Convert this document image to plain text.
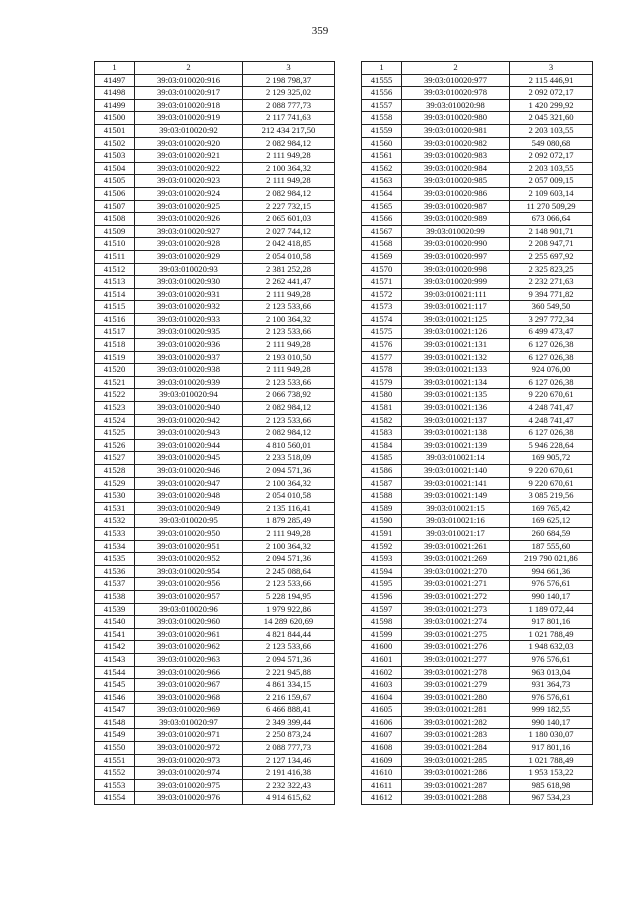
359
1	2	3
41497	39:03:010020:916	2 198 798,37
41498	39:03:010020:917	2 129 325,02
41499	39:03:010020:918	2 088 777,73
41500	39:03:010020:919	2 117 741,63
41501	39:03:010020:92	212 434 217,50
41502	39:03:010020:920	2 082 984,12
41503	39:03:010020:921	2 111 949,28
41504	39:03:010020:922	2 100 364,32
41505	39:03:010020:923	2 111 949,28
41506	39:03:010020:924	2 082 984,12
41507	39:03:010020:925	2 227 732,15
41508	39:03:010020:926	2 065 601,03
41509	39:03:010020:927	2 027 744,12
41510	39:03:010020:928	2 042 418,85
41511	39:03:010020:929	2 054 010,58
41512	39:03:010020:93	2 381 252,28
41513	39:03:010020:930	2 262 441,47
41514	39:03:010020:931	2 111 949,28
41515	39:03:010020:932	2 123 533,66
41516	39:03:010020:933	2 100 364,32
41517	39:03:010020:935	2 123 533,66
41518	39:03:010020:936	2 111 949,28
41519	39:03:010020:937	2 193 010,50
41520	39:03:010020:938	2 111 949,28
41521	39:03:010020:939	2 123 533,66
41522	39:03:010020:94	2 066 738,92
41523	39:03:010020:940	2 082 984,12
41524	39:03:010020:942	2 123 533,66
41525	39:03:010020:943	2 082 984,12
41526	39:03:010020:944	4 810 560,01
41527	39:03:010020:945	2 233 518,09
41528	39:03:010020:946	2 094 571,36
41529	39:03:010020:947	2 100 364,32
41530	39:03:010020:948	2 054 010,58
41531	39:03:010020:949	2 135 116,41
41532	39:03:010020:95	1 879 285,49
41533	39:03:010020:950	2 111 949,28
41534	39:03:010020:951	2 100 364,32
41535	39:03:010020:952	2 094 571,36
41536	39:03:010020:954	2 245 088,64
41537	39:03:010020:956	2 123 533,66
41538	39:03:010020:957	5 228 194,95
41539	39:03:010020:96	1 979 922,86
41540	39:03:010020:960	14 289 620,69
41541	39:03:010020:961	4 821 844,44
41542	39:03:010020:962	2 123 533,66
41543	39:03:010020:963	2 094 571,36
41544	39:03:010020:966	2 221 945,88
41545	39:03:010020:967	4 861 334,15
41546	39:03:010020:968	2 216 159,67
41547	39:03:010020:969	6 466 888,41
41548	39:03:010020:97	2 349 399,44
41549	39:03:010020:971	2 250 873,24
41550	39:03:010020:972	2 088 777,73
41551	39:03:010020:973	2 127 134,46
41552	39:03:010020:974	2 191 416,38
41553	39:03:010020:975	2 232 322,43
41554	39:03:010020:976	4 914 615,62
1	2	3
41555	39:03:010020:977	2 115 446,91
41556	39:03:010020:978	2 092 072,17
41557	39:03:010020:98	1 420 299,92
41558	39:03:010020:980	2 045 321,60
41559	39:03:010020:981	2 203 103,55
41560	39:03:010020:982	549 080,68
41561	39:03:010020:983	2 092 072,17
41562	39:03:010020:984	2 203 103,55
41563	39:03:010020:985	2 057 009,15
41564	39:03:010020:986	2 109 603,14
41565	39:03:010020:987	11 270 509,29
41566	39:03:010020:989	673 066,64
41567	39:03:010020:99	2 148 901,71
41568	39:03:010020:990	2 208 947,71
41569	39:03:010020:997	2 255 697,92
41570	39:03:010020:998	2 325 823,25
41571	39:03:010020:999	2 232 271,63
41572	39:03:010021:111	9 394 771,82
41573	39:03:010021:117	360 549,50
41574	39:03:010021:125	3 297 772,34
41575	39:03:010021:126	6 499 473,47
41576	39:03:010021:131	6 127 026,38
41577	39:03:010021:132	6 127 026,38
41578	39:03:010021:133	924 076,00
41579	39:03:010021:134	6 127 026,38
41580	39:03:010021:135	9 220 670,61
41581	39:03:010021:136	4 248 741,47
41582	39:03:010021:137	4 248 741,47
41583	39:03:010021:138	6 127 026,38
41584	39:03:010021:139	5 946 228,64
41585	39:03:010021:14	169 905,72
41586	39:03:010021:140	9 220 670,61
41587	39:03:010021:141	9 220 670,61
41588	39:03:010021:149	3 085 219,56
41589	39:03:010021:15	169 765,42
41590	39:03:010021:16	169 625,12
41591	39:03:010021:17	260 684,59
41592	39:03:010021:261	187 555,60
41593	39:03:010021:269	219 790 021,86
41594	39:03:010021:270	994 661,36
41595	39:03:010021:271	976 576,61
41596	39:03:010021:272	990 140,17
41597	39:03:010021:273	1 189 072,44
41598	39:03:010021:274	917 801,16
41599	39:03:010021:275	1 021 788,49
41600	39:03:010021:276	1 948 632,03
41601	39:03:010021:277	976 576,61
41602	39:03:010021:278	963 013,04
41603	39:03:010021:279	931 364,73
41604	39:03:010021:280	976 576,61
41605	39:03:010021:281	999 182,55
41606	39:03:010021:282	990 140,17
41607	39:03:010021:283	1 180 030,07
41608	39:03:010021:284	917 801,16
41609	39:03:010021:285	1 021 788,49
41610	39:03:010021:286	1 953 153,22
41611	39:03:010021:287	985 618,98
41612	39:03:010021:288	967 534,23
